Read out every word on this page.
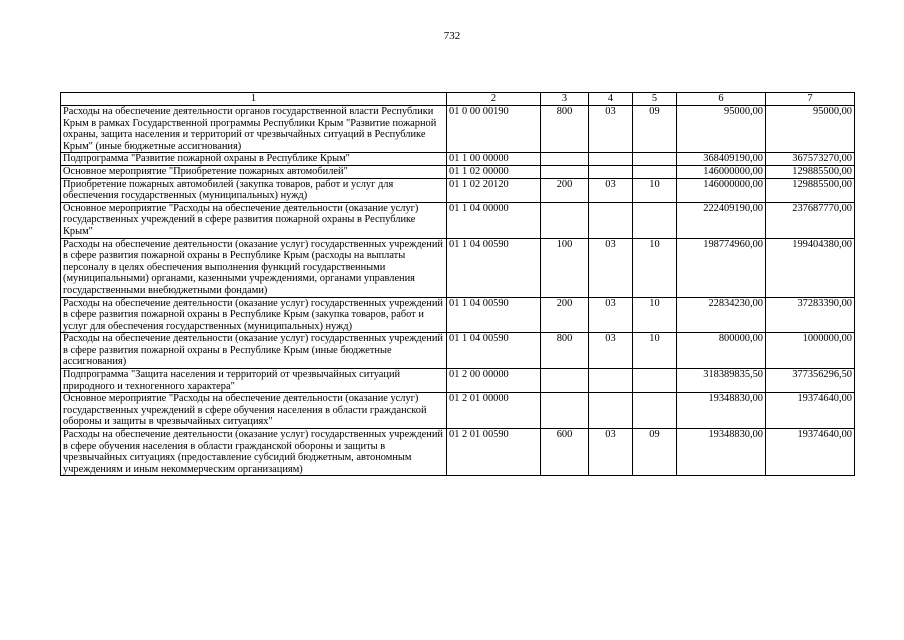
732
1	2	3	4	5	6	7
Расходы на обеспечение деятельности органов государственной власти Республики Крым в рамках Государственной программы Республики Крым "Развитие пожарной охраны, защита населения и территорий от чрезвычайных ситуаций в Республике Крым" (иные бюджетные ассигнования)	01 0 00 00190	800	03	09	95000,00	95000,00
Подпрограмма "Развитие пожарной охраны в Республике Крым"	01 1 00 00000				368409190,00	367573270,00
Основное мероприятие "Приобретение пожарных автомобилей"	01 1 02 00000				146000000,00	129885500,00
Приобретение пожарных автомобилей (закупка товаров, работ и услуг для обеспечения государственных (муниципальных) нужд)	01 1 02 20120	200	03	10	146000000,00	129885500,00
Основное мероприятие "Расходы на обеспечение деятельности (оказание услуг) государственных учреждений в сфере развития пожарной охраны в Республике Крым"	01 1 04 00000				222409190,00	237687770,00
Расходы на обеспечение деятельности (оказание услуг) государственных учреждений в сфере развития пожарной охраны в Республике Крым (расходы на выплаты персоналу в целях обеспечения выполнения функций государственными (муниципальными) органами, казенными учреждениями, органами управления государственными внебюджетными фондами)	01 1 04 00590	100	03	10	198774960,00	199404380,00
Расходы на обеспечение деятельности (оказание услуг) государственных учреждений в сфере развития пожарной охраны в Республике Крым (закупка товаров, работ и услуг для обеспечения государственных (муниципальных) нужд)	01 1 04 00590	200	03	10	22834230,00	37283390,00
Расходы на обеспечение деятельности (оказание услуг) государственных учреждений в сфере развития пожарной охраны в Республике Крым (иные бюджетные ассигнования)	01 1 04 00590	800	03	10	800000,00	1000000,00
Подпрограмма "Защита населения и территорий от чрезвычайных ситуаций природного и техногенного характера"	01 2 00 00000				318389835,50	377356296,50
Основное мероприятие "Расходы на обеспечение деятельности (оказание услуг) государственных учреждений в сфере обучения населения в области гражданской обороны и защиты в чрезвычайных ситуациях"	01 2 01 00000				19348830,00	19374640,00
Расходы на обеспечение деятельности (оказание услуг) государственных учреждений в сфере обучения населения в области гражданской обороны и защиты в чрезвычайных ситуациях (предоставление субсидий бюджетным, автономным учреждениям и иным некоммерческим организациям)	01 2 01 00590	600	03	09	19348830,00	19374640,00
